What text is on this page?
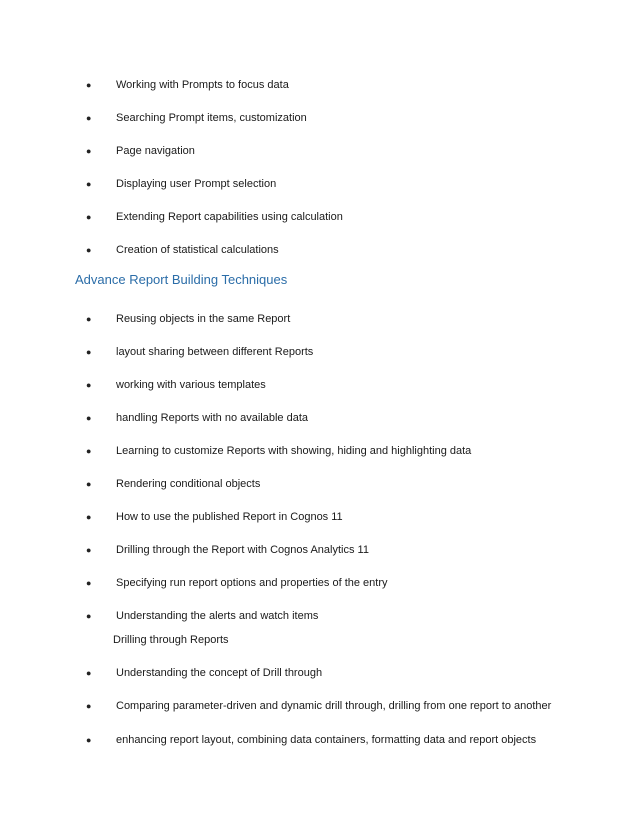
● Working with Prompts to focus data
● Searching Prompt items, customization
● Page navigation
● Displaying user Prompt selection
● Extending Report capabilities using calculation
● Creation of statistical calculations
Advance Report Building Techniques
● Reusing objects in the same Report
● layout sharing between different Reports
● working with various templates
● handling Reports with no available data
● Learning to customize Reports with showing, hiding and highlighting data
● Rendering conditional objects
● How to use the published Report in Cognos 11
● Drilling through the Report with Cognos Analytics 11
● Specifying run report options and properties of the entry
● Understanding the alerts and watch items
Drilling through Reports
● Understanding the concept of Drill through
● Comparing parameter-driven and dynamic drill through, drilling from one report to another
● enhancing report layout, combining data containers, formatting data and report objects
